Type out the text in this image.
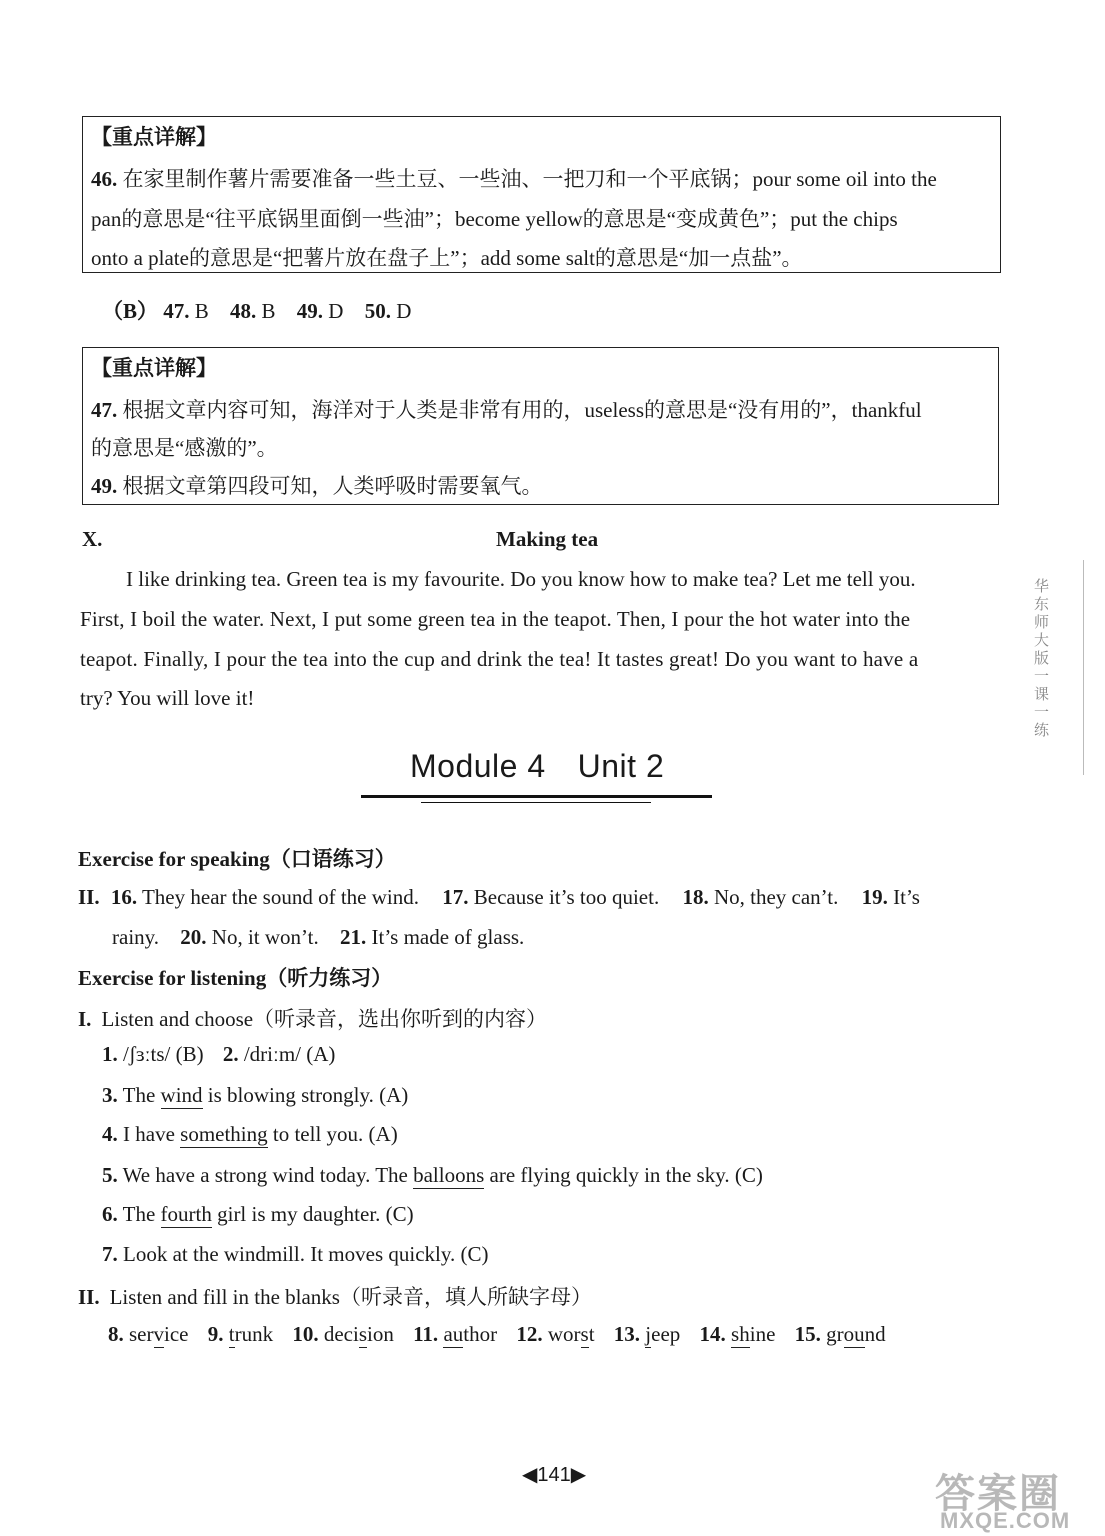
【重点详解】
46. 在家里制作薯片需要准备一些土豆、一些油、一把刀和一个平底锅；pour some oil into the
pan的意思是“往平底锅里面倒一些油”；become yellow的意思是“变成黄色”；put the chips
onto a plate的意思是“把薯片放在盘子上”；add some salt的意思是“加一点盐”。
（B） 47. B 48. B 49. D 50. D
【重点详解】
47. 根据文章内容可知，海洋对于人类是非常有用的，useless的意思是“没有用的”，thankful
的意思是“感激的”。
49. 根据文章第四段可知，人类呼吸时需要氧气。
X.	Making tea
I like drinking tea. Green tea is my favourite. Do you know how to make tea? Let me tell you.
First, I boil the water. Next, I put some green tea in the teapot. Then, I pour the hot water into the
teapot. Finally, I pour the tea into the cup and drink the tea! It tastes great! Do you want to have a
try? You will love it!
Module 4 Unit 2
Exercise for speaking（口语练习）
II. 16. They hear the sound of the wind. 17. Because it’s too quiet. 18. No, they can’t. 19. It’s
rainy. 20. No, it won’t. 21. It’s made of glass.
Exercise for listening（听力练习）
I. Listen and choose（听录音，选出你听到的内容）
1. /ʃɜːts/ (B) 2. /driːm/ (A)
3. The wind is blowing strongly. (A)
4. I have something to tell you. (A)
5. We have a strong wind today. The balloons are flying quickly in the sky. (C)
6. The fourth girl is my daughter. (C)
7. Look at the windmill. It moves quickly. (C)
II. Listen and fill in the blanks（听录音，填人所缺字母）
8. service 9. trunk 10. decision 11. author 12. worst 13. jeep 14. shine 15. ground
◀141▶
华东师大版一课一练
答案圈
MXQE.COM
